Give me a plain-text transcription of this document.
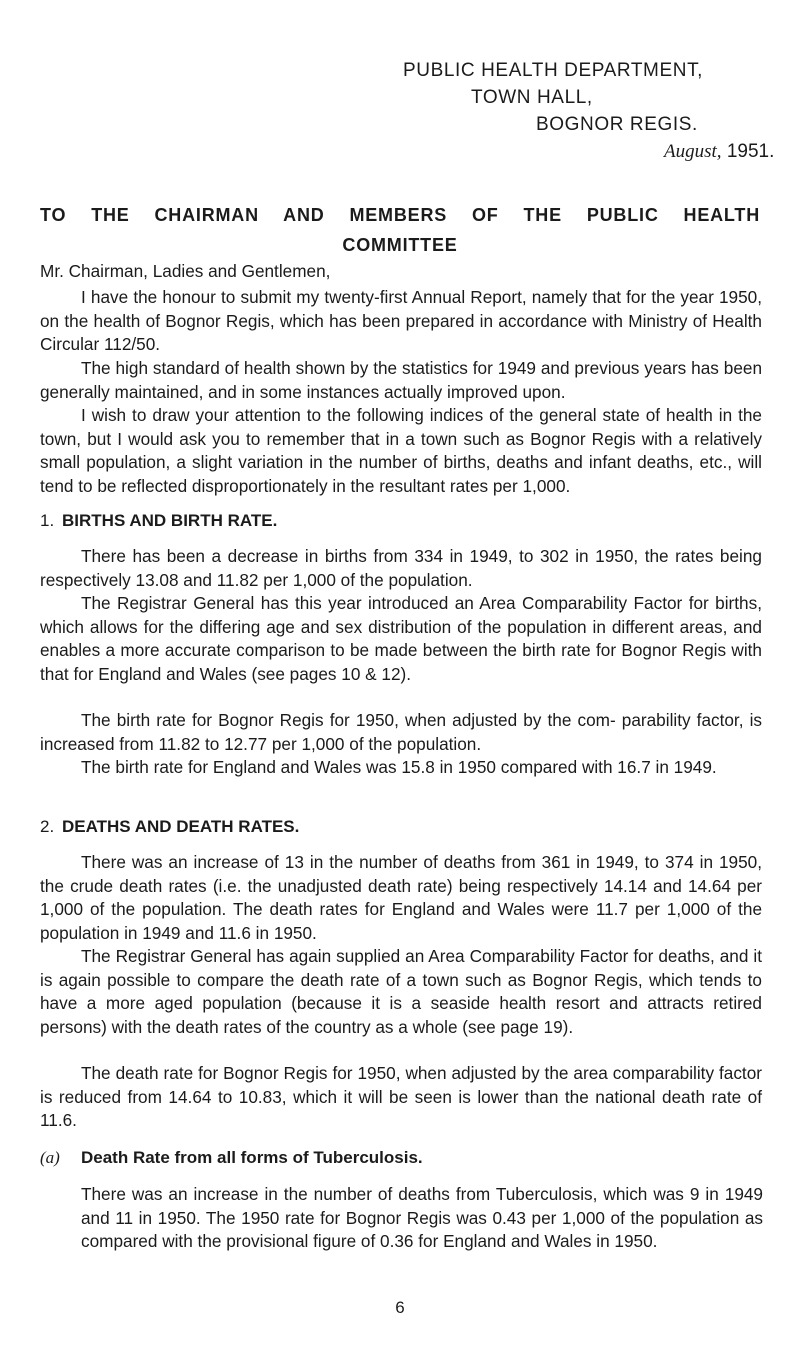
PUBLIC HEALTH DEPARTMENT,
TOWN HALL,
BOGNOR REGIS.
August, 1951.
TO THE CHAIRMAN AND MEMBERS OF THE PUBLIC HEALTH
COMMITTEE
Mr. Chairman, Ladies and Gentlemen,

I have the honour to submit my twenty-first Annual Report, namely that for the year 1950, on the health of Bognor Regis, which has been prepared in accordance with Ministry of Health Circular 112/50.

The high standard of health shown by the statistics for 1949 and previous years has been generally maintained, and in some instances actually improved upon.

I wish to draw your attention to the following indices of the general state of health in the town, but I would ask you to remember that in a town such as Bognor Regis with a relatively small population, a slight variation in the number of births, deaths and infant deaths, etc., will tend to be reflected disproportionately in the resultant rates per 1,000.

1. BIRTHS AND BIRTH RATE.

There has been a decrease in births from 334 in 1949, to 302 in 1950, the rates being respectively 13.08 and 11.82 per 1,000 of the population.

The Registrar General has this year introduced an Area Comparability Factor for births, which allows for the differing age and sex distribution of the population in different areas, and enables a more accurate comparison to be made between the birth rate for Bognor Regis with that for England and Wales (see pages 10 & 12).

The birth rate for Bognor Regis for 1950, when adjusted by the com- parability factor, is increased from 11.82 to 12.77 per 1,000 of the population.

The birth rate for England and Wales was 15.8 in 1950 compared with 16.7 in 1949.

2. DEATHS AND DEATH RATES.

There was an increase of 13 in the number of deaths from 361 in 1949, to 374 in 1950, the crude death rates (i.e. the unadjusted death rate) being respectively 14.14 and 14.64 per 1,000 of the population. The death rates for England and Wales were 11.7 per 1,000 of the population in 1949 and 11.6 in 1950.

The Registrar General has again supplied an Area Comparability Factor for deaths, and it is again possible to compare the death rate of a town such as Bognor Regis, which tends to have a more aged population (because it is a seaside health resort and attracts retired persons) with the death rates of the country as a whole (see page 19).

The death rate for Bognor Regis for 1950, when adjusted by the area comparability factor is reduced from 14.64 to 10.83, which it will be seen is lower than the national death rate of 11.6.

(a) Death Rate from all forms of Tuberculosis.

There was an increase in the number of deaths from Tuberculosis, which was 9 in 1949 and 11 in 1950. The 1950 rate for Bognor Regis was 0.43 per 1,000 of the population as compared with the provisional figure of 0.36 for England and Wales in 1950.

6
